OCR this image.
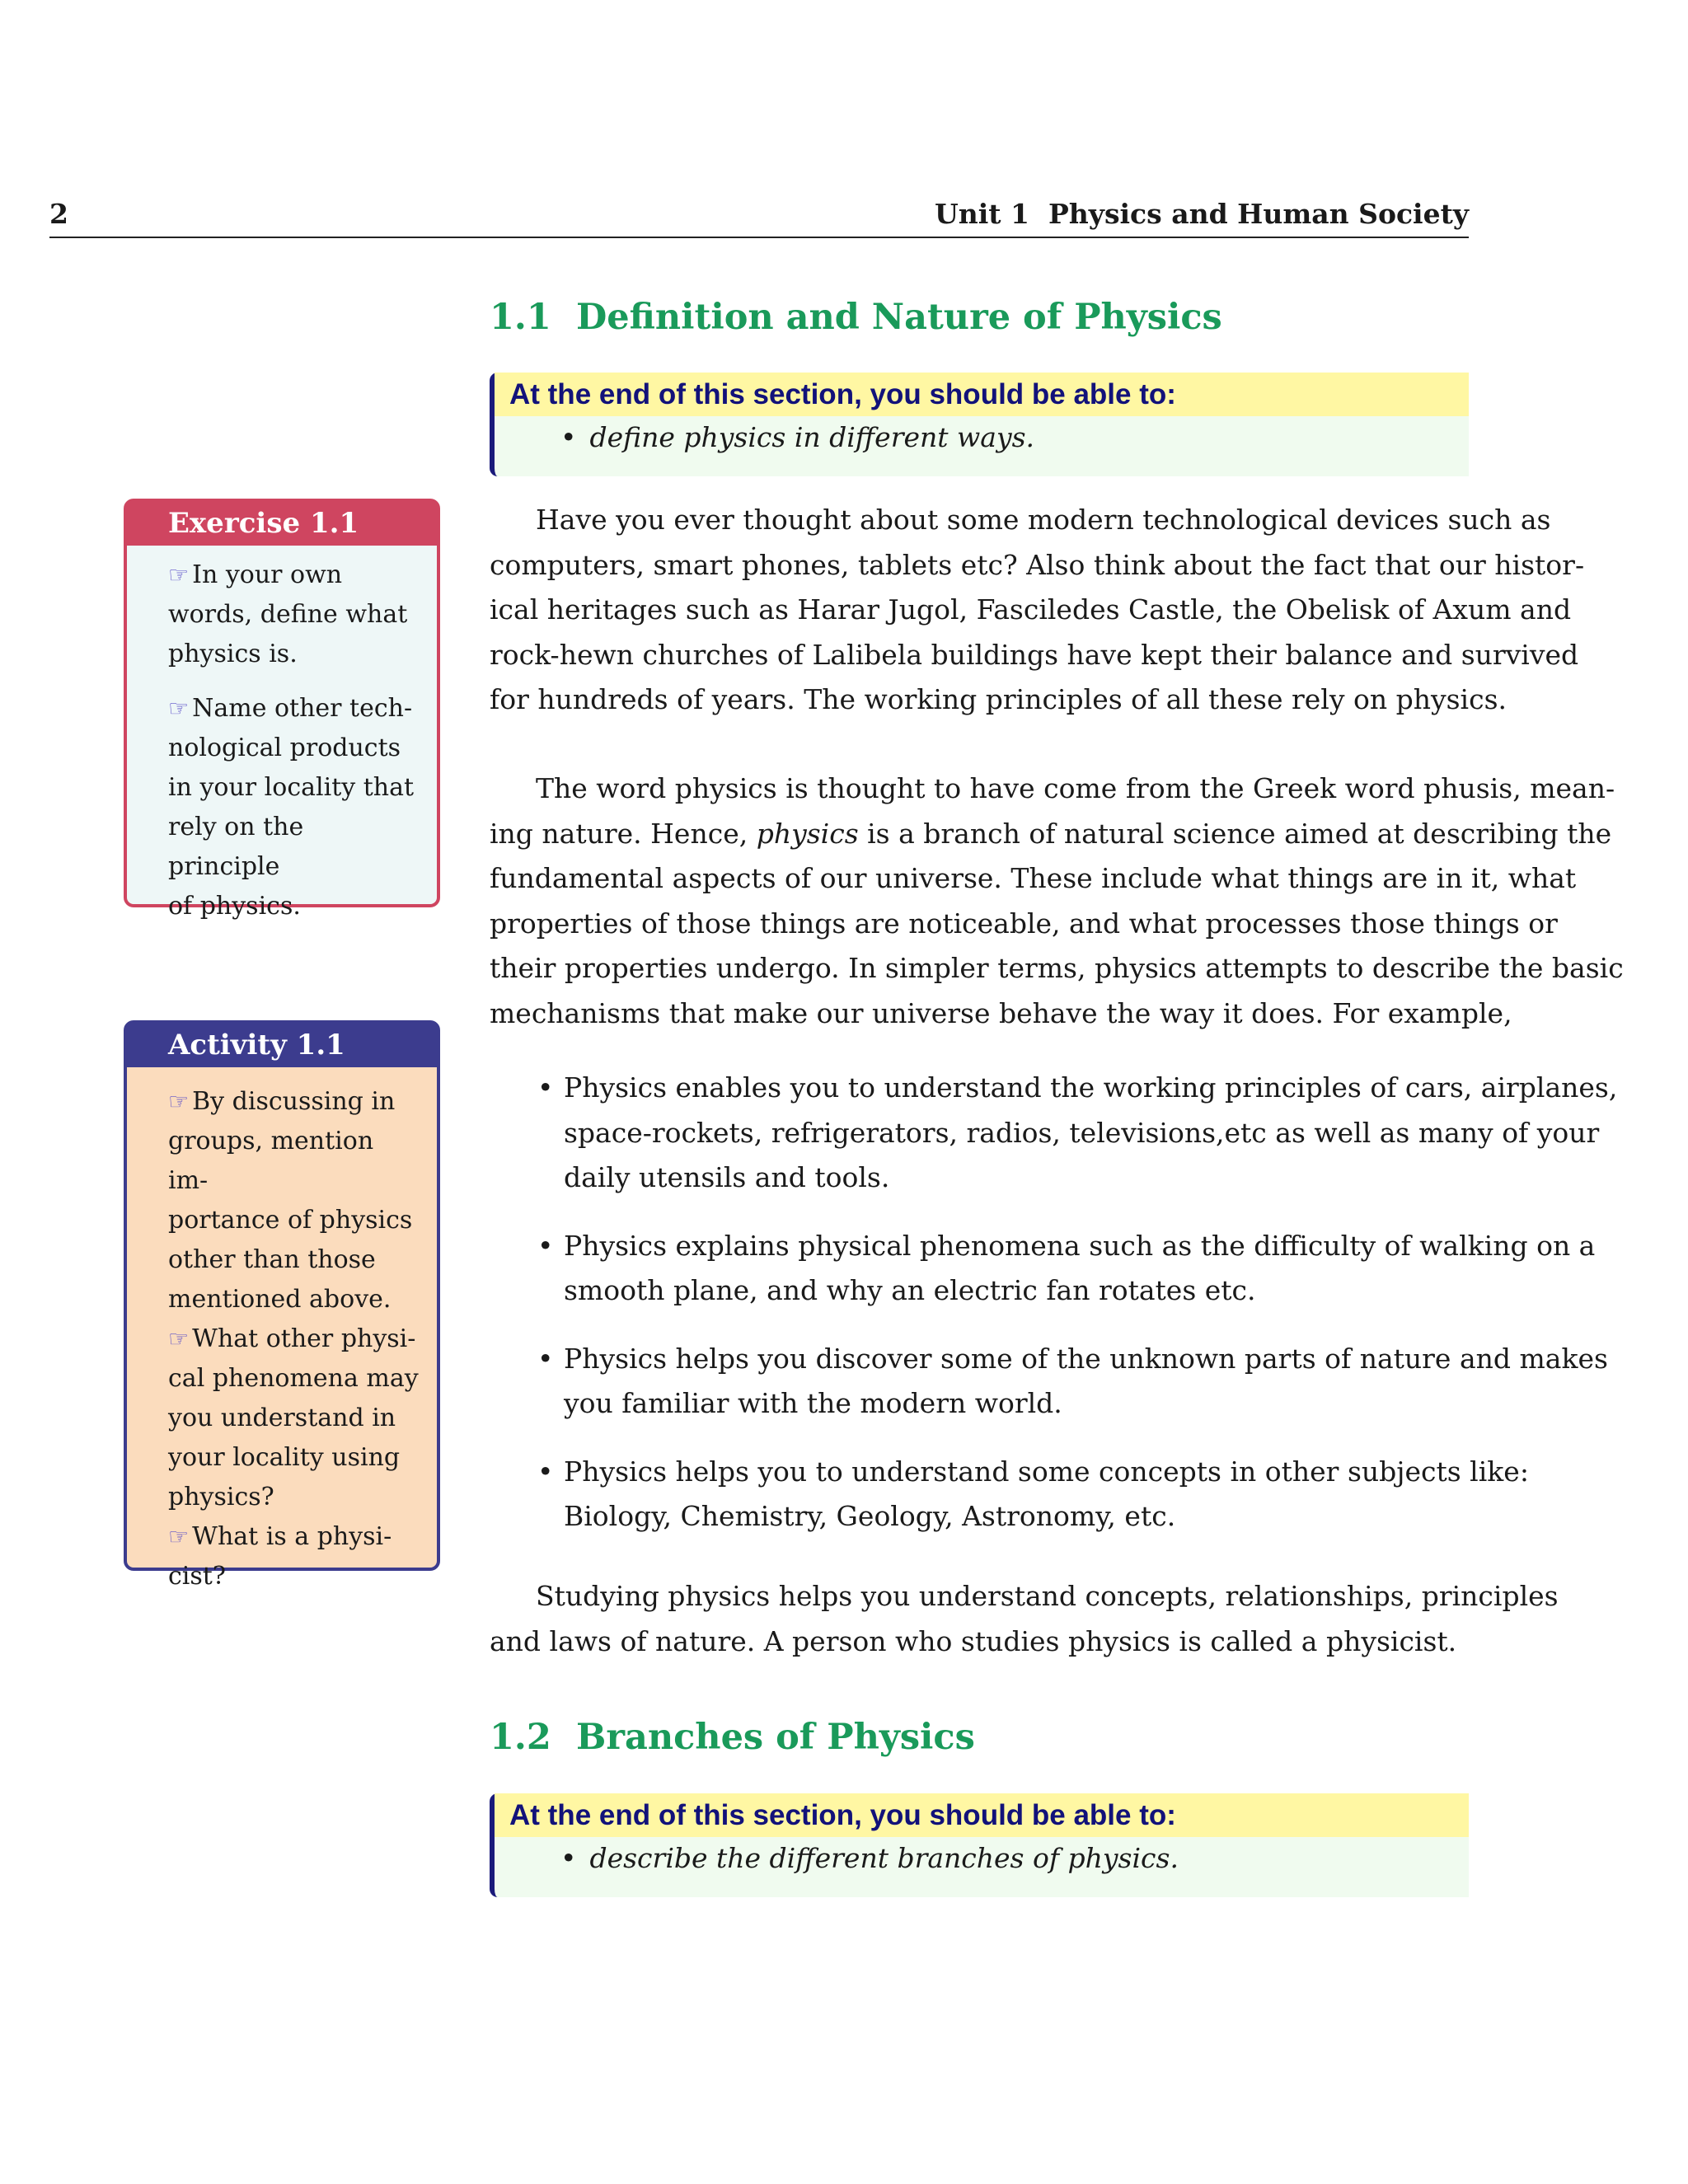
2	Unit 1  Physics and Human Society
1.1 Definition and Nature of Physics
At the end of this section, you should be able to:
• define physics in different ways.
Exercise 1.1

☞ In your own
words, define what
physics is.

☞ Name other tech-
nological products
in your locality that
rely on the principle
of physics.

Activity 1.1

☞ By discussing in
groups, mention im-
portance of physics
other than those
mentioned above.

☞ What other physi-
cal phenomena may
you understand in
your locality using
physics?

☞ What is a physi-
cist?

Have you ever thought about some modern technological devices such as
computers, smart phones, tablets etc? Also think about the fact that our histor-
ical heritages such as Harar Jugol, Fasciledes Castle, the Obelisk of Axum and
rock-hewn churches of Lalibela buildings have kept their balance and survived
for hundreds of years. The working principles of all these rely on physics.
The word physics is thought to have come from the Greek word phusis, mean-
ing nature. Hence, physics is a branch of natural science aimed at describing the
fundamental aspects of our universe. These include what things are in it, what
properties of those things are noticeable, and what processes those things or
their properties undergo. In simpler terms, physics attempts to describe the basic
mechanisms that make our universe behave the way it does. For example,
• Physics enables you to understand the working principles of cars, airplanes,
space-rockets, refrigerators, radios, televisions,etc as well as many of your
daily utensils and tools.
• Physics explains physical phenomena such as the difficulty of walking on a
smooth plane, and why an electric fan rotates etc.
• Physics helps you discover some of the unknown parts of nature and makes
you familiar with the modern world.
• Physics helps you to understand some concepts in other subjects like:
Biology, Chemistry, Geology, Astronomy, etc.
Studying physics helps you understand concepts, relationships, principles
and laws of nature. A person who studies physics is called a physicist.
1.2 Branches of Physics
At the end of this section, you should be able to:
• describe the different branches of physics.
